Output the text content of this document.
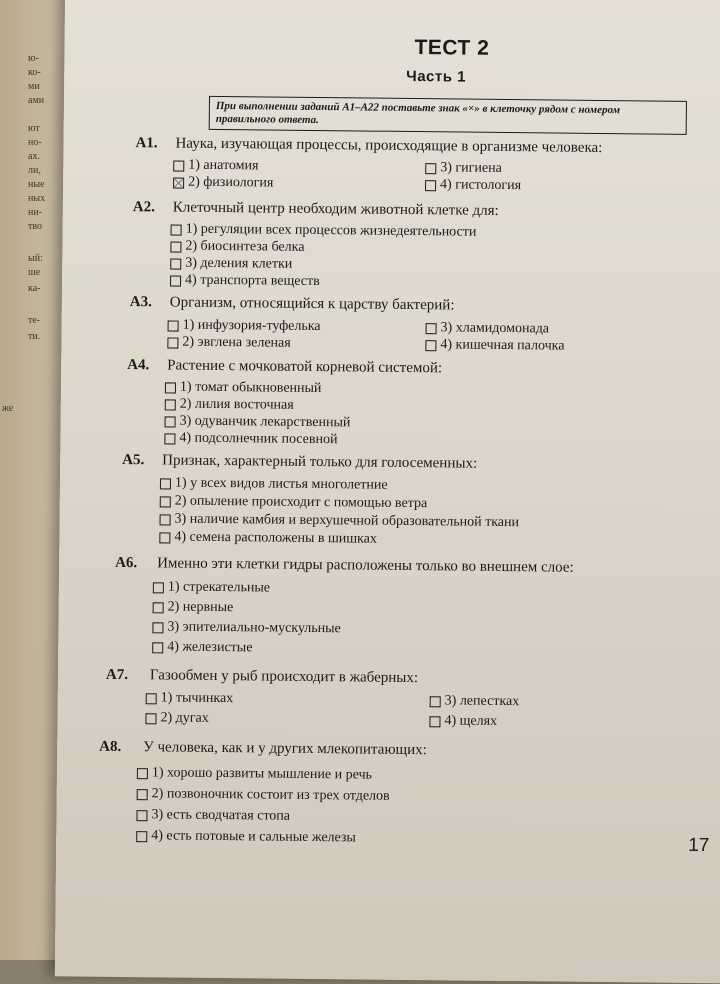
ю-
ко-
ми
ами
ют
но-
ах.
ли,
ные
ных
ни-
тво
ый:
ше
ка-
те-
ти.
же
ТЕСТ 2
Часть 1
При выполнении заданий А1–А22 поставьте знак «×» в клеточку рядом с номером правильного ответа.
А1. Наука, изучающая процессы, происходящие в организме человека:
1) анатомия
2) физиология
3) гигиена
4) гистология
А2. Клеточный центр необходим животной клетке для:
1) регуляции всех процессов жизнедеятельности
2) биосинтеза белка
3) деления клетки
4) транспорта веществ
А3. Организм, относящийся к царству бактерий:
1) инфузория-туфелька
2) эвглена зеленая
3) хламидомонада
4) кишечная палочка
А4. Растение с мочковатой корневой системой:
1) томат обыкновенный
2) лилия восточная
3) одуванчик лекарственный
4) подсолнечник посевной
А5. Признак, характерный только для голосеменных:
1) у всех видов листья многолетние
2) опыление происходит с помощью ветра
3) наличие камбия и верхушечной образовательной ткани
4) семена расположены в шишках
А6. Именно эти клетки гидры расположены только во внешнем слое:
1) стрекательные
2) нервные
3) эпителиально-мускульные
4) железистые
А7. Газообмен у рыб происходит в жаберных:
1) тычинках
2) дугах
3) лепестках
4) щелях
А8. У человека, как и у других млекопитающих:
1) хорошо развиты мышление и речь
2) позвоночник состоит из трех отделов
3) есть сводчатая стопа
4) есть потовые и сальные железы	17
